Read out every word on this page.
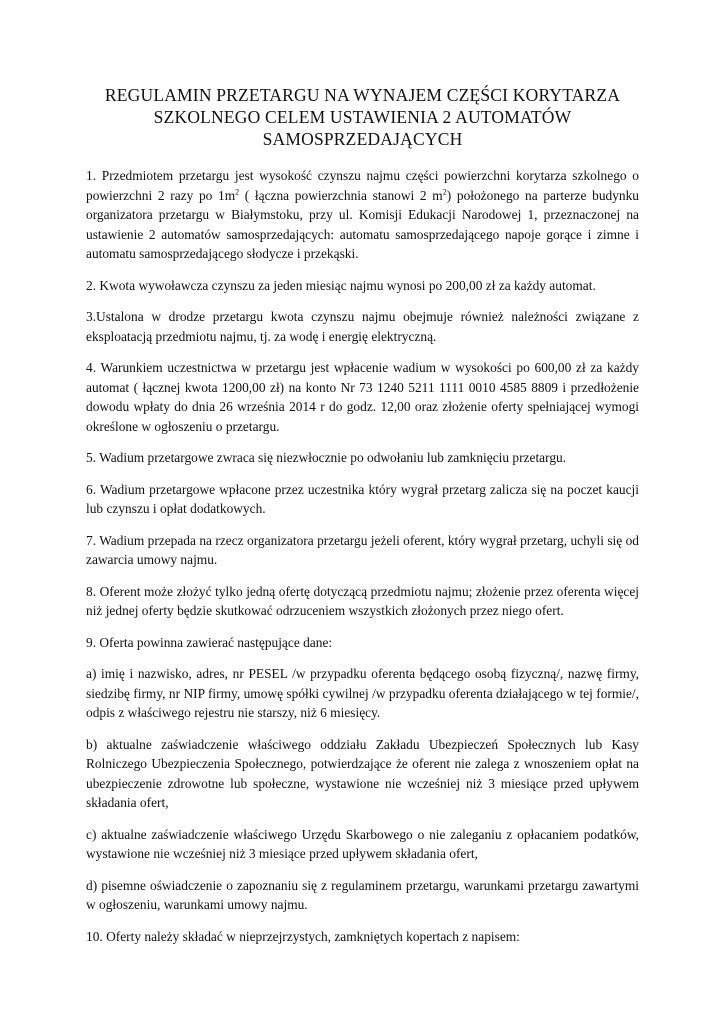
REGULAMIN PRZETARGU NA WYNAJEM CZĘŚCI KORYTARZA
SZKOLNEGO CELEM USTAWIENIA 2 AUTOMATÓW
SAMOSPRZEDAJĄCYCH

1. Przedmiotem przetargu jest wysokość czynszu najmu części powierzchni korytarza szkolnego o powierzchni 2 razy po $1m^2$ ( łączna powierzchnia stanowi 2 $m^2$) położonego na parterze budynku organizatora przetargu w Białymstoku, przy ul. Komisji Edukacji Narodowej 1, przeznaczonej na ustawienie 2 automatów samosprzedających: automatu samosprzedającego napoje gorące i zimne i automatu samosprzedającego słodycze i przekąski.

2. Kwota wywoławcza czynszu za jeden miesiąc najmu wynosi po 200,00 zł za każdy automat.

3.Ustalona w drodze przetargu kwota czynszu najmu obejmuje również należności związane z eksploatacją przedmiotu najmu, tj. za wodę i energię elektryczną.

4. Warunkiem uczestnictwa w przetargu jest wpłacenie wadium w wysokości po 600,00 zł za każdy automat ( łącznej kwota 1200,00 zł) na konto Nr 73 1240 5211 1111 0010 4585 8809 i przedłożenie dowodu wpłaty do dnia 26 września 2014 r do godz. 12,00 oraz złożenie oferty spełniającej wymogi określone w ogłoszeniu o przetargu.

5. Wadium przetargowe zwraca się niezwłocznie po odwołaniu lub zamknięciu przetargu.

6. Wadium przetargowe wpłacone przez uczestnika który wygrał przetarg zalicza się na poczet kaucji lub czynszu i opłat dodatkowych.

7. Wadium przepada na rzecz organizatora przetargu jeżeli oferent, który wygrał przetarg, uchyli się od zawarcia umowy najmu.

8. Oferent może złożyć tylko jedną ofertę dotyczącą przedmiotu najmu; złożenie przez oferenta więcej niż jednej oferty będzie skutkować odrzuceniem wszystkich złożonych przez niego ofert.

9. Oferta powinna zawierać następujące dane:

a) imię i nazwisko, adres, nr PESEL /w przypadku oferenta będącego osobą fizyczną/, nazwę firmy, siedzibę firmy, nr NIP firmy, umowę spółki cywilnej /w przypadku oferenta działającego w tej formie/, odpis z właściwego rejestru nie starszy, niż 6 miesięcy.

b) aktualne zaświadczenie właściwego oddziału Zakładu Ubezpieczeń Społecznych lub Kasy Rolniczego Ubezpieczenia Społecznego, potwierdzające że oferent nie zalega z wnoszeniem opłat na ubezpieczenie zdrowotne lub społeczne, wystawione nie wcześniej niż 3 miesiące przed upływem składania ofert,

c) aktualne zaświadczenie właściwego Urzędu Skarbowego o nie zaleganiu z opłacaniem podatków, wystawione nie wcześniej niż 3 miesiące przed upływem składania ofert,

d) pisemne oświadczenie o zapoznaniu się z regulaminem przetargu, warunkami przetargu zawartymi w ogłoszeniu, warunkami umowy najmu.

10. Oferty należy składać w nieprzejrzystych, zamkniętych kopertach z napisem:
